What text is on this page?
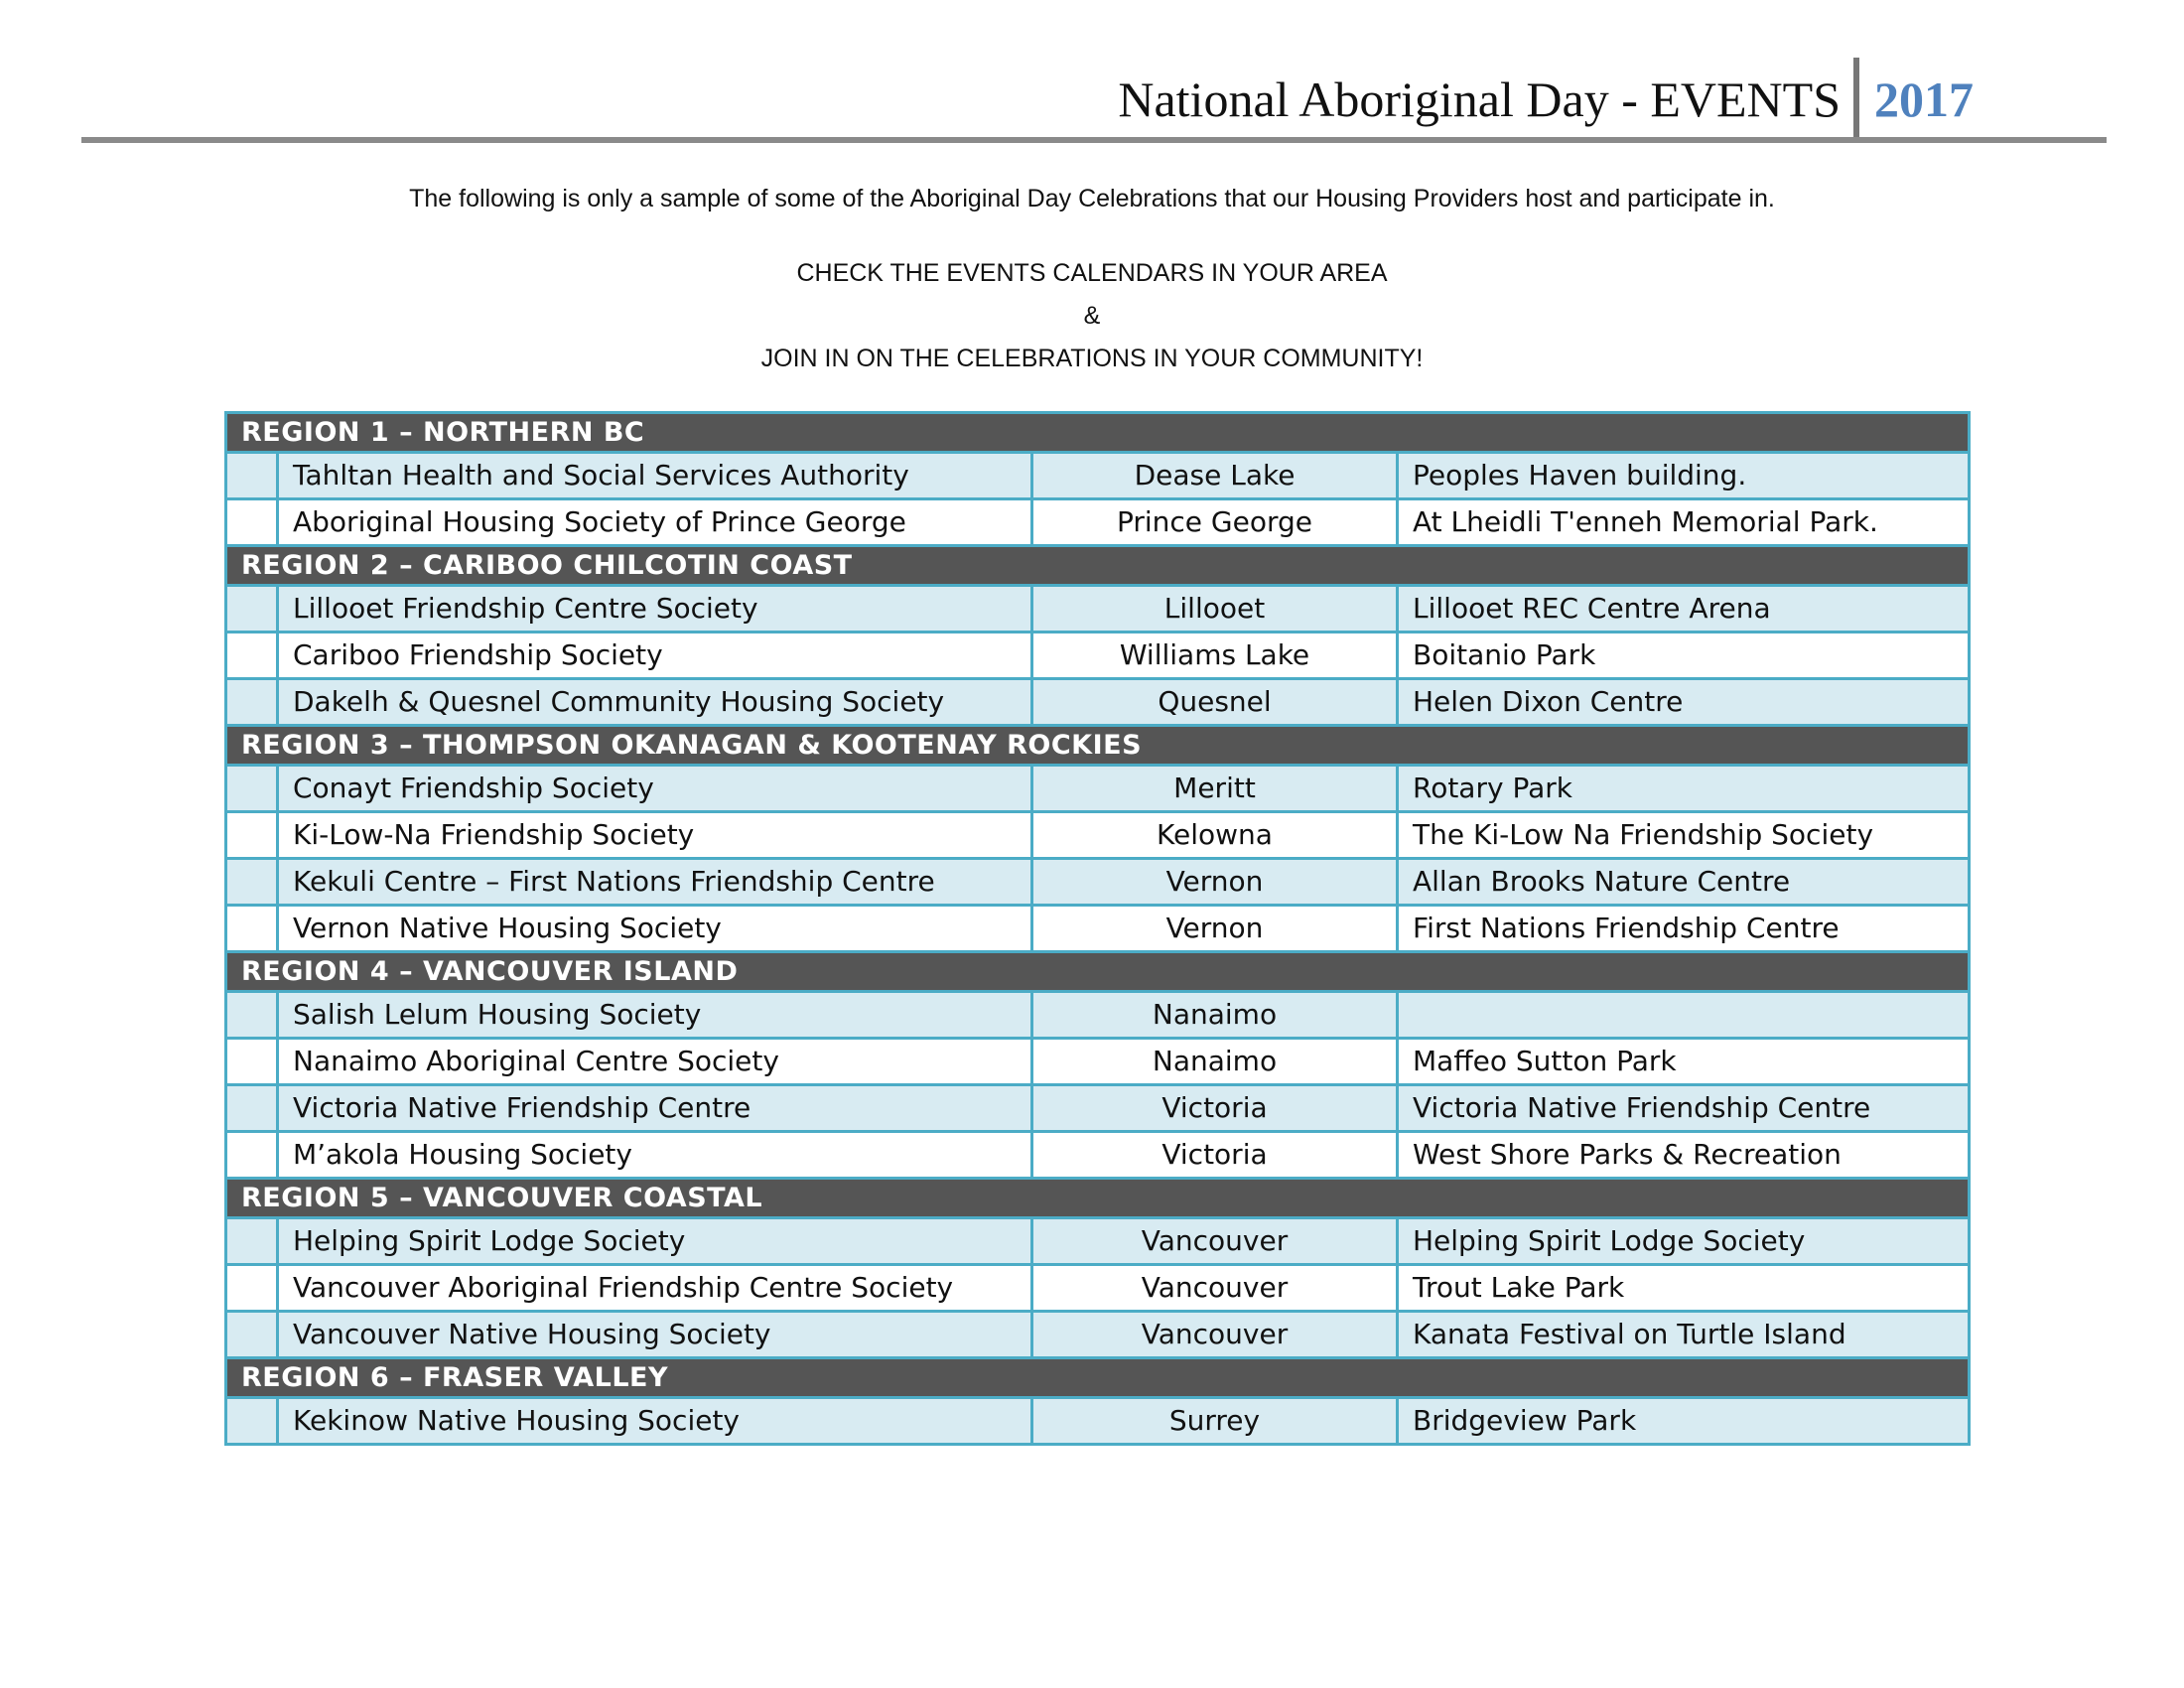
National Aboriginal Day - EVENTS 2017
The following is only a sample of some of the Aboriginal Day Celebrations that our Housing Providers host and participate in.
CHECK THE EVENTS CALENDARS IN YOUR AREA
&
JOIN IN ON THE CELEBRATIONS IN YOUR COMMUNITY!
REGION 1 – NORTHERN BC			
	Tahltan Health and Social Services Authority	Dease Lake	Peoples Haven building.
	Aboriginal Housing Society of Prince George	Prince George	At Lheidli T'enneh Memorial Park.
REGION 2 – CARIBOO CHILCOTIN COAST			
	Lillooet Friendship Centre Society	Lillooet	Lillooet REC Centre Arena
	Cariboo Friendship Society	Williams Lake	Boitanio Park
	Dakelh & Quesnel Community Housing Society	Quesnel	Helen Dixon Centre
REGION 3 – THOMPSON OKANAGAN & KOOTENAY ROCKIES			
	Conayt Friendship Society	Meritt	Rotary Park
	Ki-Low-Na Friendship Society	Kelowna	The Ki-Low Na Friendship Society
	Kekuli Centre – First Nations Friendship Centre	Vernon	Allan Brooks Nature Centre
	Vernon Native Housing Society	Vernon	First Nations Friendship Centre
REGION 4 – VANCOUVER ISLAND			
	Salish Lelum Housing Society	Nanaimo	
	Nanaimo Aboriginal Centre Society	Nanaimo	Maffeo Sutton Park
	Victoria Native Friendship Centre	Victoria	Victoria Native Friendship Centre
	M’akola Housing Society	Victoria	West Shore Parks & Recreation
REGION 5 – VANCOUVER COASTAL			
	Helping Spirit Lodge Society	Vancouver	Helping Spirit Lodge Society
	Vancouver Aboriginal Friendship Centre Society	Vancouver	Trout Lake Park
	Vancouver Native Housing Society	Vancouver	Kanata Festival on Turtle Island
REGION 6 – FRASER VALLEY			
	Kekinow Native Housing Society	Surrey	Bridgeview Park
